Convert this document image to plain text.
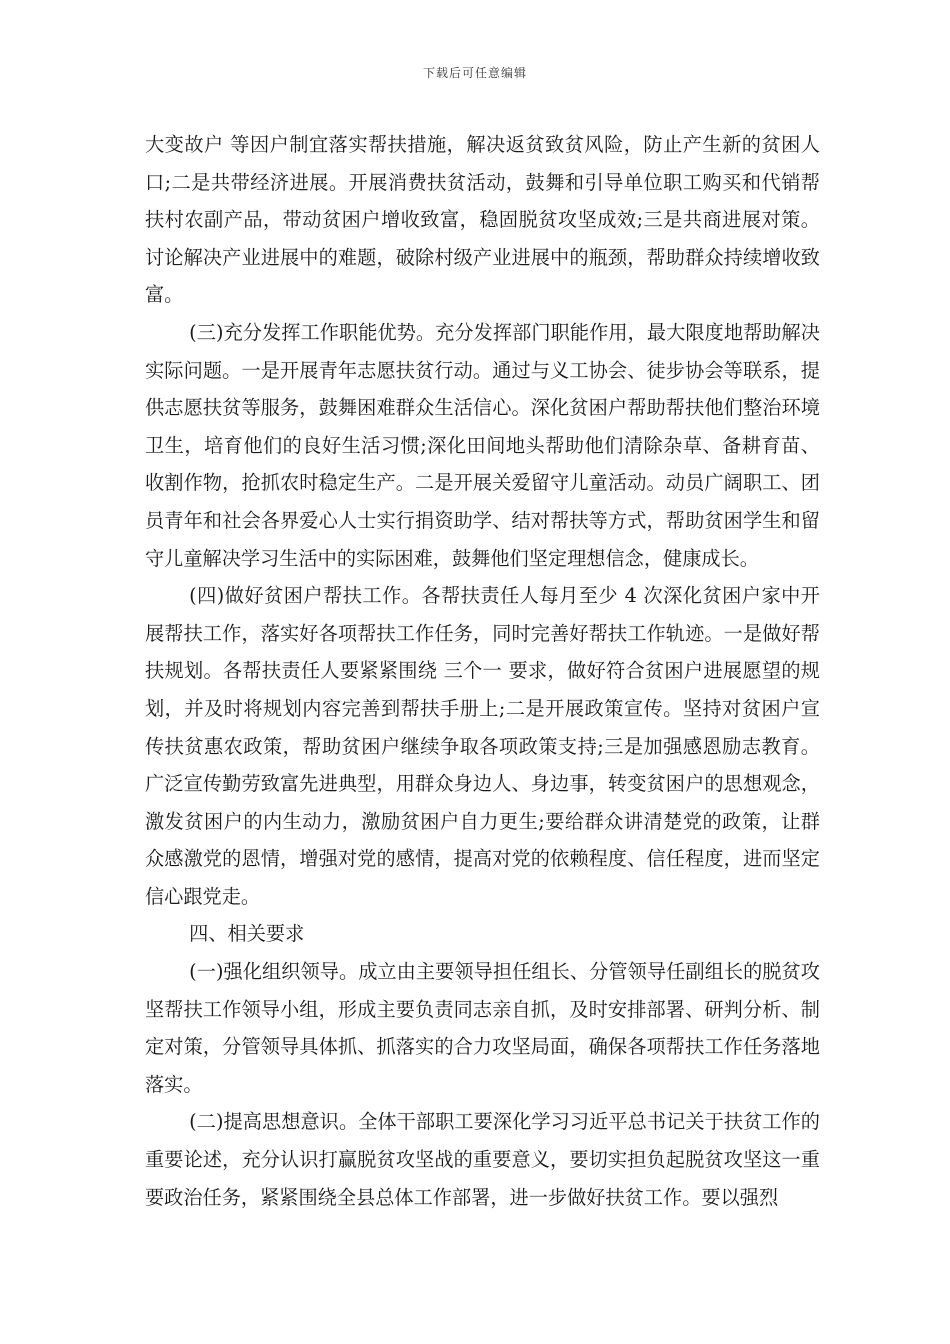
下载后可任意编辑

大变故户 等因户制宜落实帮扶措施，解决返贫致贫风险，防止产生新的贫困人口;二是共带经济进展。开展消费扶贫活动，鼓舞和引导单位职工购买和代销帮扶村农副产品，带动贫困户增收致富，稳固脱贫攻坚成效;三是共商进展对策。讨论解决产业进展中的难题，破除村级产业进展中的瓶颈，帮助群众持续增收致富。

(三)充分发挥工作职能优势。充分发挥部门职能作用，最大限度地帮助解决实际问题。一是开展青年志愿扶贫行动。通过与义工协会、徒步协会等联系，提供志愿扶贫等服务，鼓舞困难群众生活信心。深化贫困户帮助帮扶他们整治环境卫生，培育他们的良好生活习惯;深化田间地头帮助他们清除杂草、备耕育苗、收割作物，抢抓农时稳定生产。二是开展关爱留守儿童活动。动员广阔职工、团员青年和社会各界爱心人士实行捐资助学、结对帮扶等方式，帮助贫困学生和留守儿童解决学习生活中的实际困难，鼓舞他们坚定理想信念，健康成长。

(四)做好贫困户帮扶工作。各帮扶责任人每月至少 4 次深化贫困户家中开展帮扶工作，落实好各项帮扶工作任务，同时完善好帮扶工作轨迹。一是做好帮扶规划。各帮扶责任人要紧紧围绕 三个一 要求，做好符合贫困户进展愿望的规划，并及时将规划内容完善到帮扶手册上;二是开展政策宣传。坚持对贫困户宣传扶贫惠农政策，帮助贫困户继续争取各项政策支持;三是加强感恩励志教育。广泛宣传勤劳致富先进典型，用群众身边人、身边事，转变贫困户的思想观念，激发贫困户的内生动力，激励贫困户自力更生;要给群众讲清楚党的政策，让群众感激党的恩情，增强对党的感情，提高对党的依赖程度、信任程度，进而坚定信心跟党走。

四、相关要求

(一)强化组织领导。成立由主要领导担任组长、分管领导任副组长的脱贫攻坚帮扶工作领导小组，形成主要负责同志亲自抓，及时安排部署、研判分析、制定对策，分管领导具体抓、抓落实的合力攻坚局面，确保各项帮扶工作任务落地落实。

(二)提高思想意识。全体干部职工要深化学习习近平总书记关于扶贫工作的重要论述，充分认识打赢脱贫攻坚战的重要意义，要切实担负起脱贫攻坚这一重要政治任务，紧紧围绕全县总体工作部署，进一步做好扶贫工作。要以强烈
